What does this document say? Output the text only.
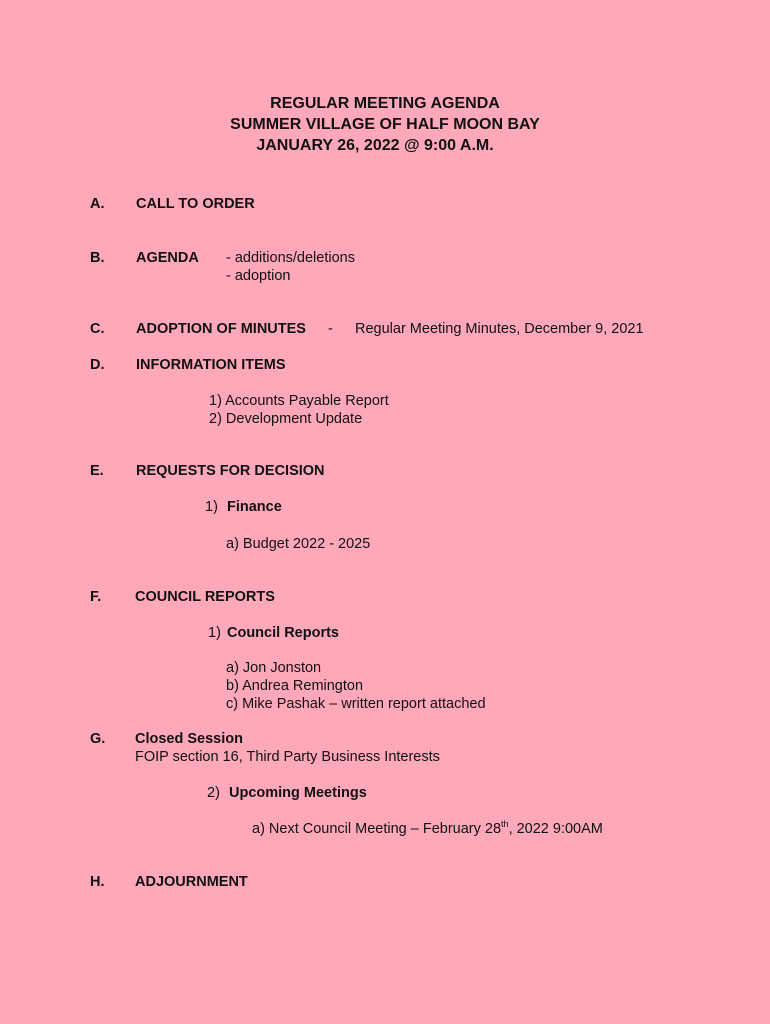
REGULAR MEETING AGENDA
SUMMER VILLAGE OF HALF MOON BAY
JANUARY 26, 2022 @ 9:00 A.M.
A. CALL TO ORDER
B. AGENDA - additions/deletions
- adoption
C. ADOPTION OF MINUTES - Regular Meeting Minutes, December 9, 2021
D. INFORMATION ITEMS
1) Accounts Payable Report
2) Development Update
E. REQUESTS FOR DECISION
1) Finance
a) Budget 2022 - 2025
F. COUNCIL REPORTS
1) Council Reports
a) Jon Jonston
b) Andrea Remington
c) Mike Pashak – written report attached
G. Closed Session
FOIP section 16, Third Party Business Interests
2) Upcoming Meetings
a) Next Council Meeting – February 28th, 2022 9:00AM
H. ADJOURNMENT
